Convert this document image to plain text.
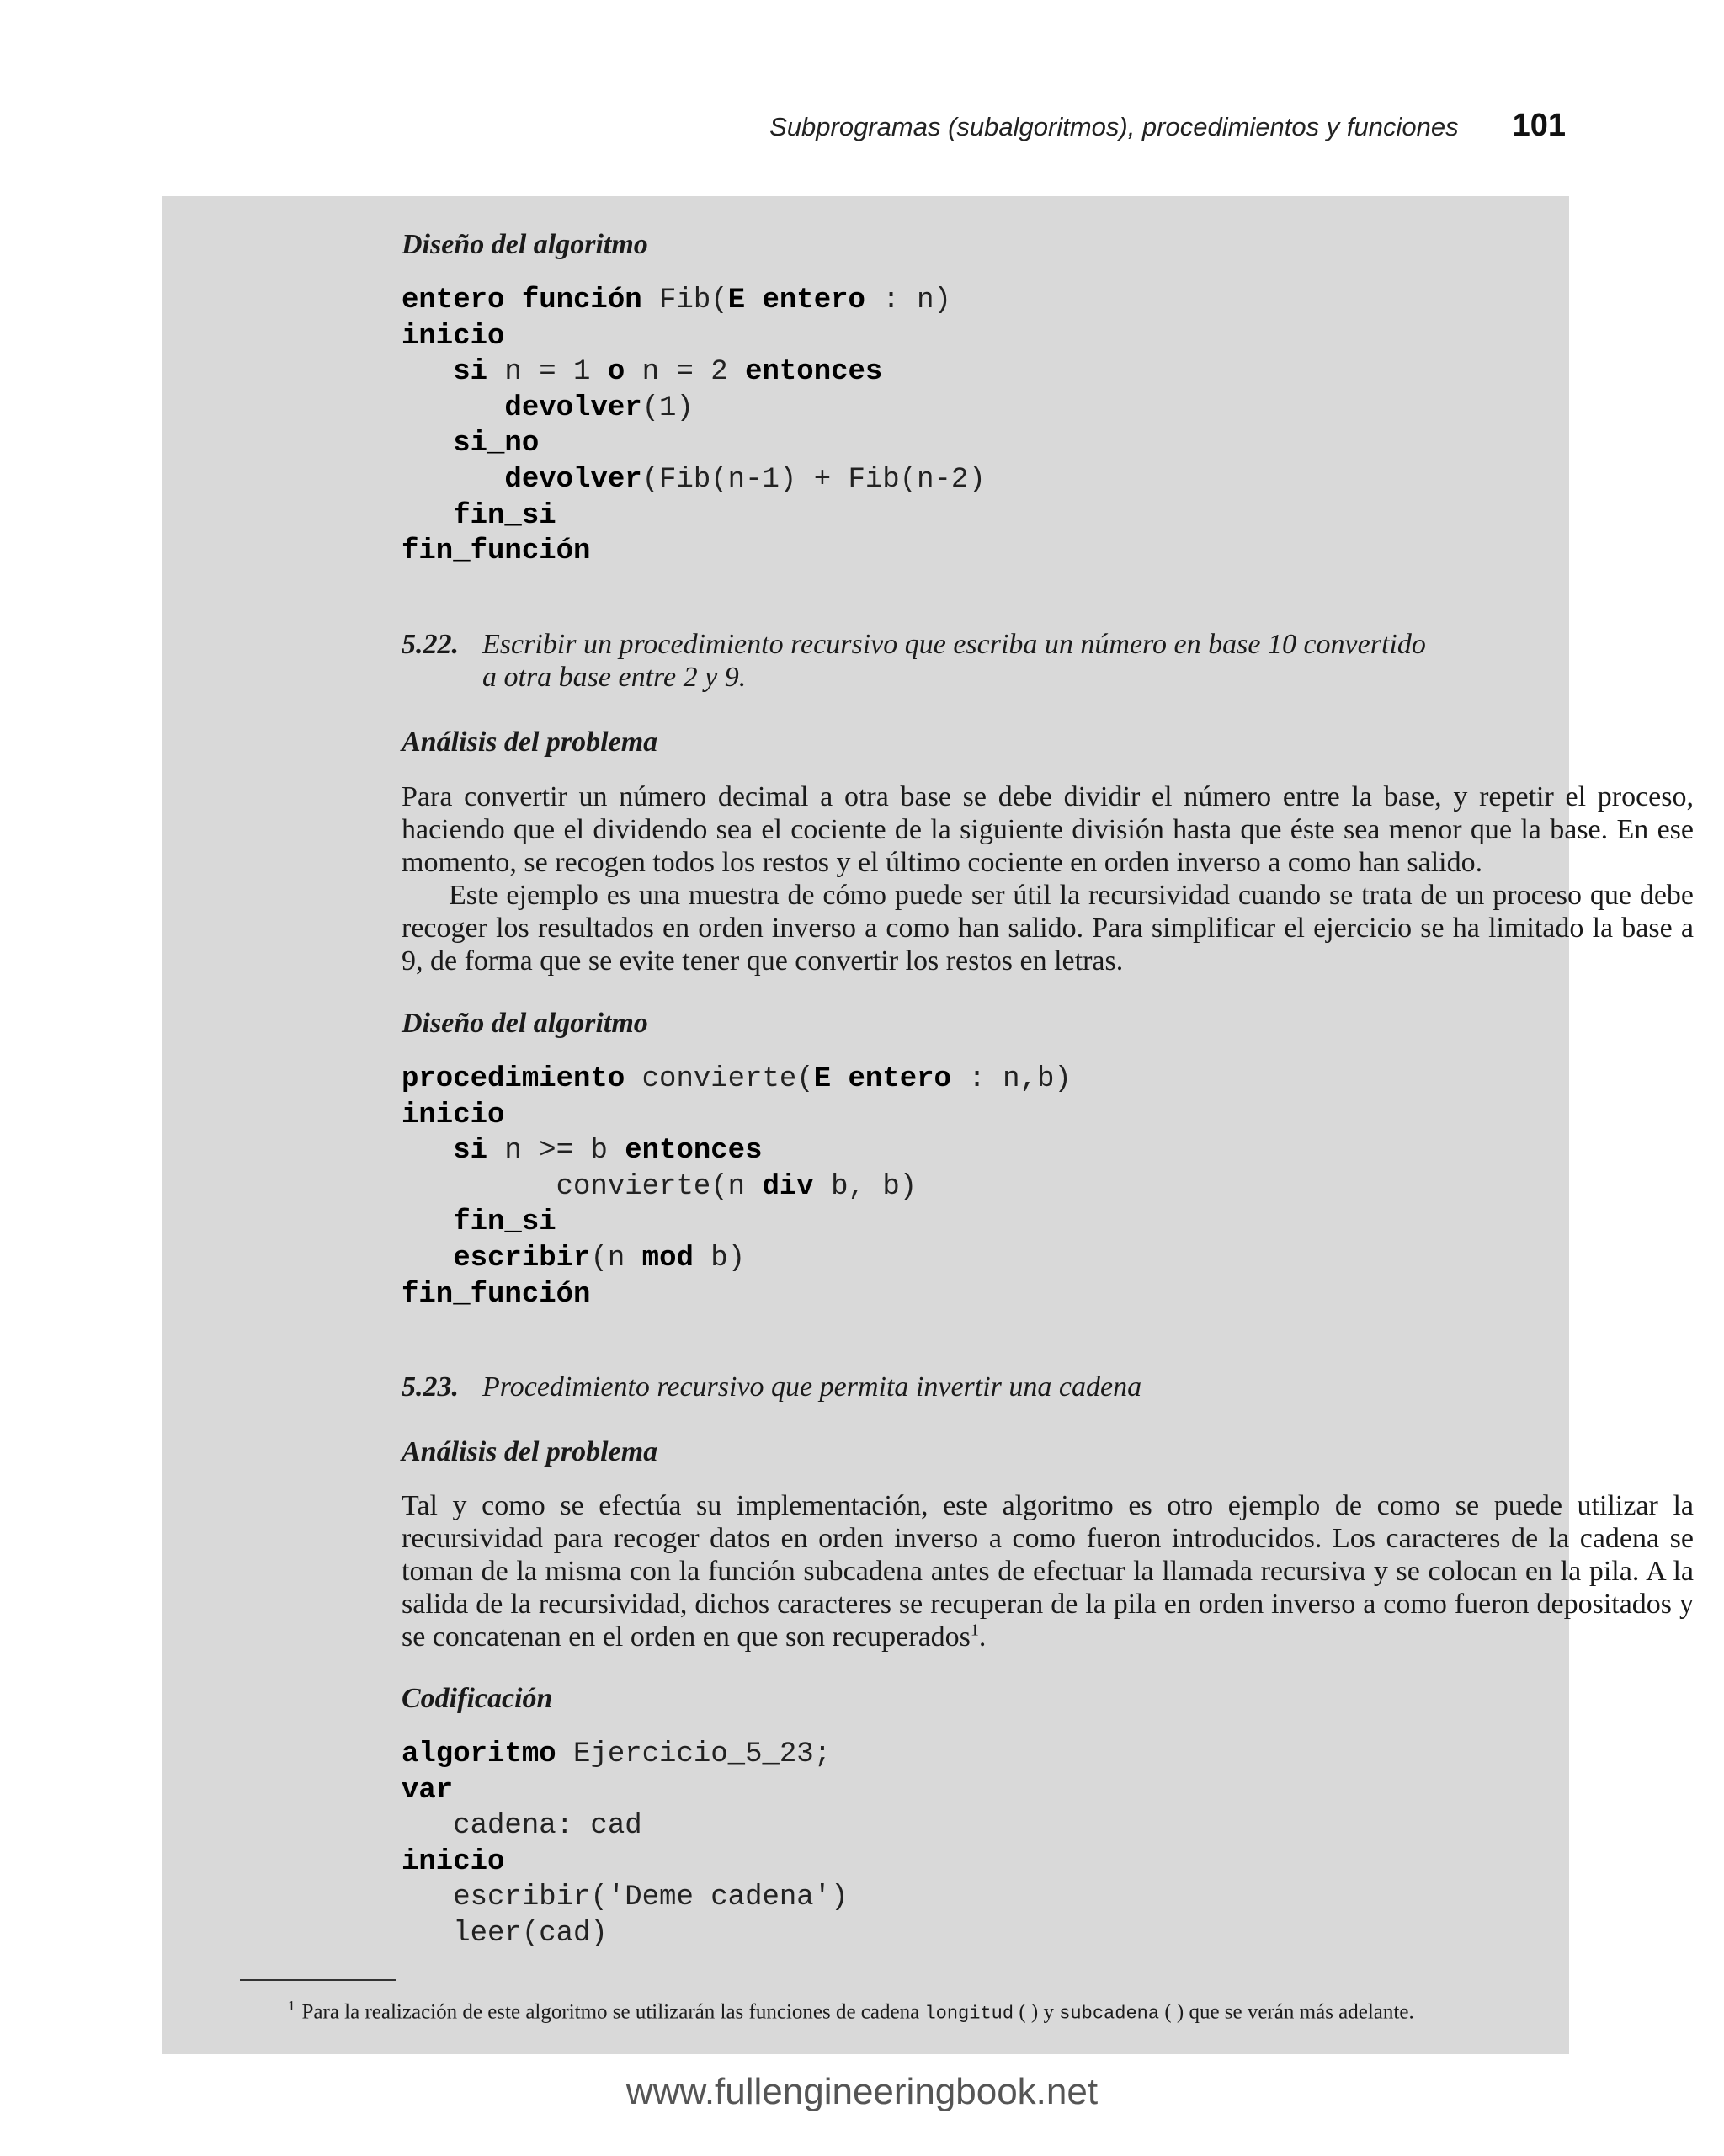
Subprogramas (subalgoritmos), procedimientos y funciones 101
Diseño del algoritmo
entero función Fib(E entero : n)
inicio
si n = 1 o n = 2 entonces
devolver(1)
si_no
devolver(Fib(n-1) + Fib(n-2)
fin_si
fin_función
5.22. Escribir un procedimiento recursivo que escriba un número en base 10 convertido
a otra base entre 2 y 9.
Análisis del problema

Para convertir un número decimal a otra base se debe dividir el número entre la base, y repetir el proceso, haciendo que el dividendo sea el cociente de la siguiente división hasta que éste sea menor que la base. En ese momento, se recogen todos los restos y el último cociente en orden inverso a como han salido.

Este ejemplo es una muestra de cómo puede ser útil la recursividad cuando se trata de un proceso que debe recoger los resultados en orden inverso a como han salido. Para simplificar el ejercicio se ha limitado la base a 9, de forma que se evite tener que convertir los restos en letras.

Diseño del algoritmo
procedimiento convierte(E entero : n,b)
inicio
si n >= b entonces
convierte(n div b, b)
fin_si
escribir(n mod b)
fin_función
5.23. Procedimiento recursivo que permita invertir una cadena
Análisis del problema

Tal y como se efectúa su implementación, este algoritmo es otro ejemplo de como se puede utilizar la recursividad para recoger datos en orden inverso a como fueron introducidos. Los caracteres de la cadena se toman de la misma con la función subcadena antes de efectuar la llamada recursiva y se colocan en la pila. A la salida de la recursividad, dichos caracteres se recuperan de la pila en orden inverso a como fueron depositados y se concatenan en el orden en que son recuperados$^1$.

Codificación
algoritmo Ejercicio_5_23;
var
cadena: cad
inicio
escribir('Deme cadena')
leer(cad)
$^1$ Para la realización de este algoritmo se utilizarán las funciones de cadena longitud ( ) y subcadena ( ) que se verán más adelante.
www.fullengineeringbook.net
